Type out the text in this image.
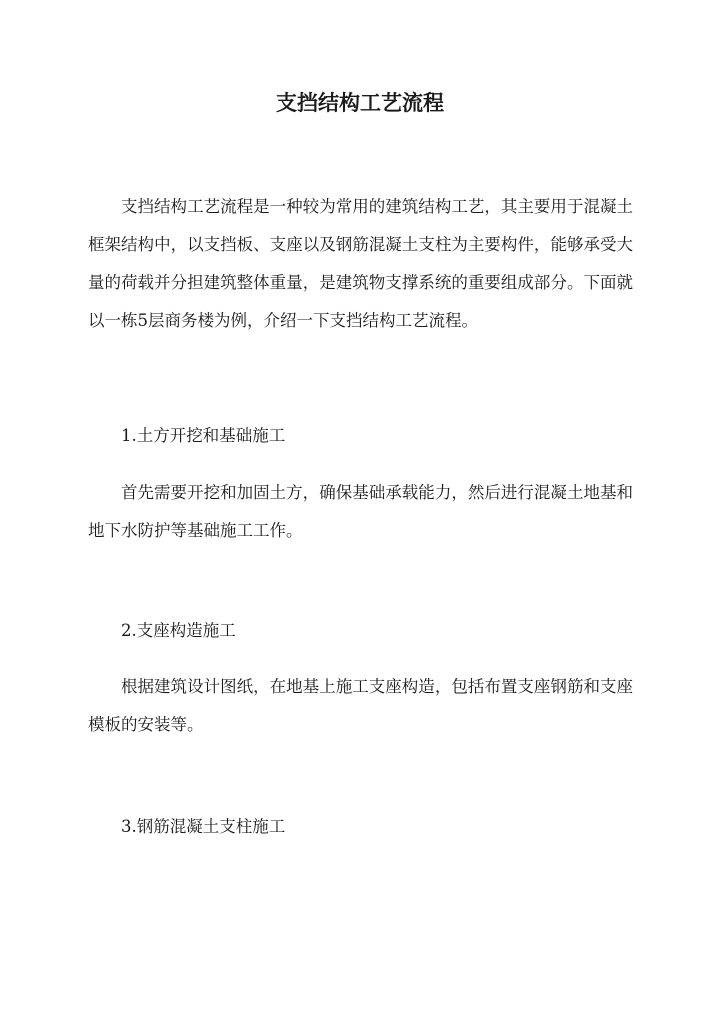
支挡结构工艺流程

支挡结构工艺流程是一种较为常用的建筑结构工艺，其主要用于混凝土框架结构中，以支挡板、支座以及钢筋混凝土支柱为主要构件，能够承受大量的荷载并分担建筑整体重量，是建筑物支撑系统的重要组成部分。下面就以一栋5层商务楼为例，介绍一下支挡结构工艺流程。

1.土方开挖和基础施工

首先需要开挖和加固土方，确保基础承载能力，然后进行混凝土地基和地下水防护等基础施工工作。

2.支座构造施工

根据建筑设计图纸，在地基上施工支座构造，包括布置支座钢筋和支座模板的安装等。

3.钢筋混凝土支柱施工
